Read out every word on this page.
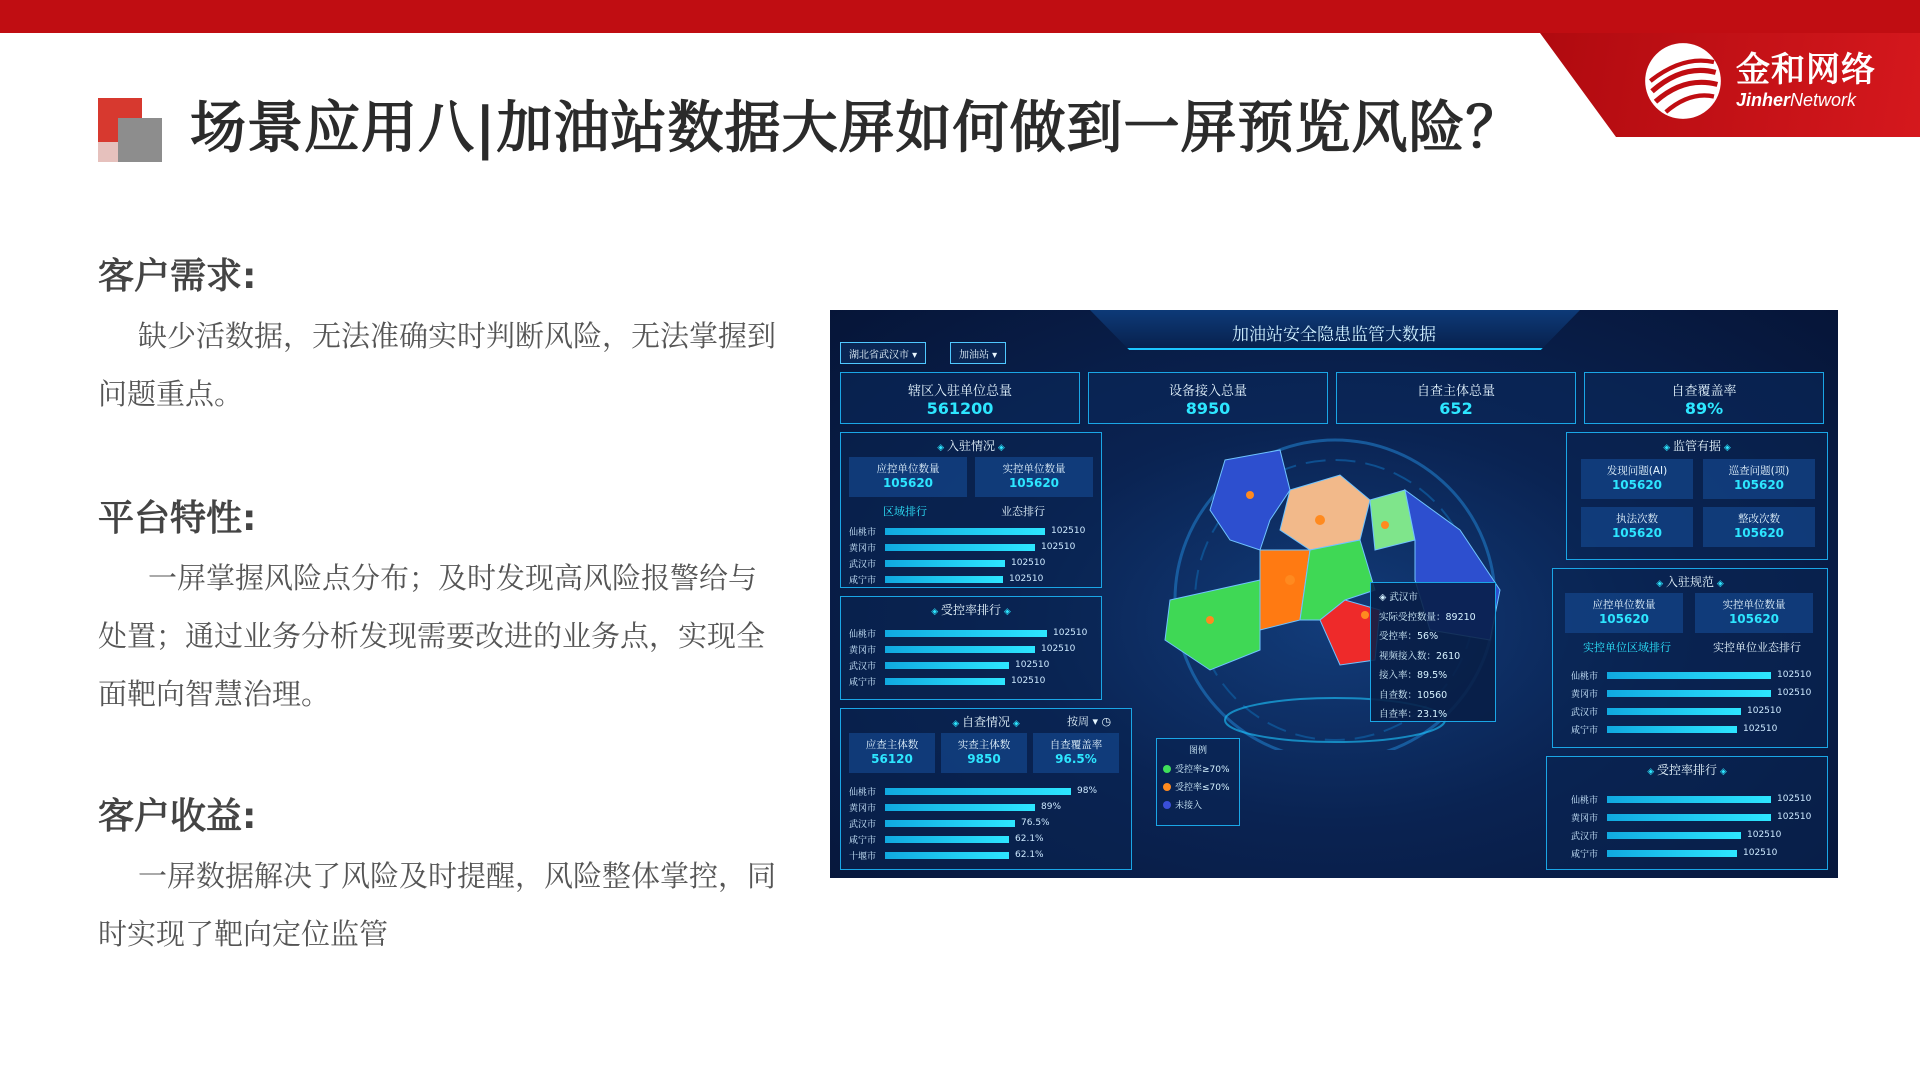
金和网络
JinherNetwork
场景应用八|加油站数据大屏如何做到一屏预览风险？
客户需求:

缺少活数据，无法准确实时判断风险，无法掌握到问题重点。

平台特性:

一屏掌握风险点分布；及时发现高风险报警给与处置；通过业务分析发现需要改进的业务点，实现全面靶向智慧治理。

客户收益:

一屏数据解决了风险及时提醒，风险整体掌控，同时实现了靶向定位监管

加油站安全隐患监管大数据
湖北省武汉市 ▾	加油站 ▾
辖区入驻单位总量
561200
设备接入总量
8950
自查主体总量
652
自查覆盖率
89%
图例
受控率≥70%
受控率≤70%
未接入
◈ 武汉市
实际受控数量：89210
受控率：56%
视频接入数：2610
接入率：89.5%
自查数：10560
自查率：23.1%
◈ 入驻情况 ◈
应控单位数量
105620
实控单位数量
105620
区域排行	业态排行
仙桃市	102510
黄冈市	102510
武汉市	102510
咸宁市	102510
◈ 受控率排行 ◈
仙桃市	102510
黄冈市	102510
武汉市	102510
咸宁市	102510
◈ 自查情况 ◈	按周 ▾ ◷
应查主体数
56120
实查主体数
9850
自查覆盖率
96.5%
仙桃市	98%
黄冈市	89%
武汉市	76.5%
咸宁市	62.1%
十堰市	62.1%
◈ 监管有据 ◈
发现问题(AI)
105620
巡查问题(项)
105620
执法次数
105620
整改次数
105620
◈ 入驻规范 ◈
应控单位数量
105620
实控单位数量
105620
实控单位区域排行	实控单位业态排行
仙桃市	102510
黄冈市	102510
武汉市	102510
咸宁市	102510
◈ 受控率排行 ◈
仙桃市	102510
黄冈市	102510
武汉市	102510
咸宁市	102510
